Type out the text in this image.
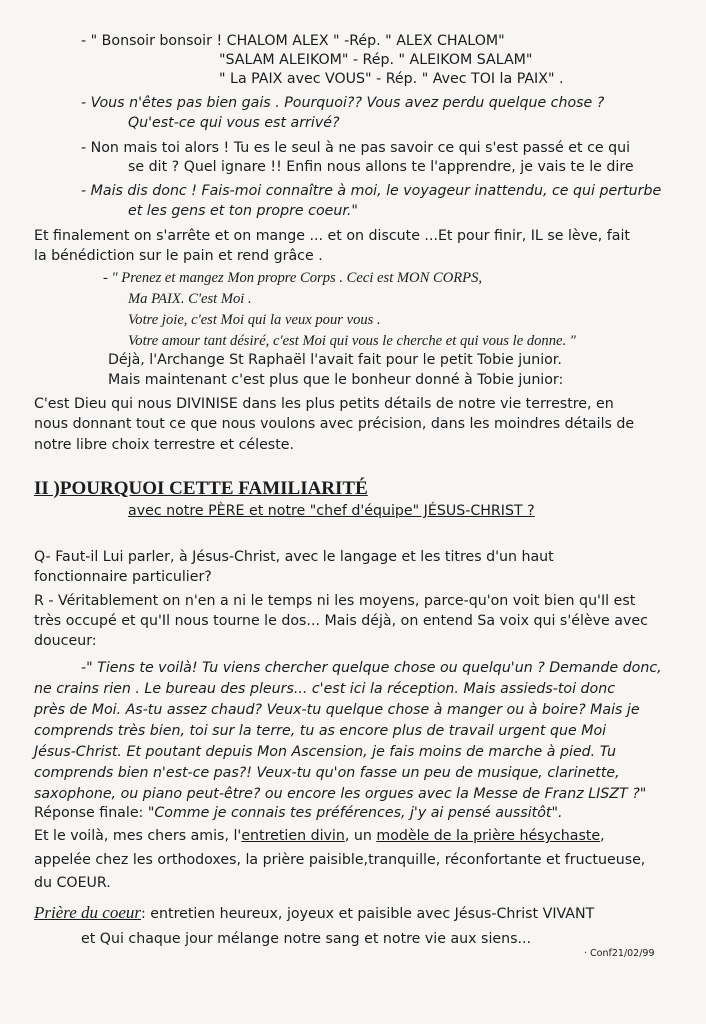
- " Bonsoir bonsoir ! CHALOM ALEX " -Rép. " ALEX CHALOM"
"SALAM ALEIKOM" - Rép. " ALEIKOM SALAM"
" La PAIX avec VOUS" - Rép. " Avec TOI la PAIX" .
- Vous n'êtes pas bien gais . Pourquoi?? Vous avez perdu quelque chose ?
Qu'est-ce qui vous est arrivé?
- Non mais toi alors ! Tu es le seul à ne pas savoir ce qui s'est passé et ce qui
se dit ? Quel ignare !! Enfin nous allons te l'apprendre, je vais te le dire
- Mais dis donc ! Fais-moi connaître à moi, le voyageur inattendu, ce qui perturbe
et les gens et ton propre coeur."
Et finalement on s'arrête et on mange ... et on discute ...Et pour finir, IL se lève, fait
la bénédiction sur le pain et rend grâce .
- " Prenez et mangez Mon propre Corps . Ceci est MON CORPS,
Ma PAIX. C'est Moi .
Votre joie, c'est Moi qui la veux pour vous .
Votre amour tant désiré, c'est Moi qui vous le cherche et qui vous le donne. "
Déjà, l'Archange St Raphaël l'avait fait pour le petit Tobie junior.
Mais maintenant c'est plus que le bonheur donné à Tobie junior:
C'est Dieu qui nous DIVINISE dans les plus petits détails de notre vie terrestre, en
nous donnant tout ce que nous voulons avec précision, dans les moindres détails de
notre libre choix terrestre et céleste.
II )POURQUOI CETTE FAMILIARITÉ
avec notre PÈRE et notre "chef d'équipe" JÉSUS-CHRIST ?
Q- Faut-il Lui parler, à Jésus-Christ, avec le langage et les titres d'un haut
fonctionnaire particulier?
R - Véritablement on n'en a ni le temps ni les moyens, parce-qu'on voit bien qu'Il est
très occupé et qu'Il nous tourne le dos... Mais déjà, on entend Sa voix qui s'élève avec
douceur:
-" Tiens te voilà! Tu viens chercher quelque chose ou quelqu'un ? Demande donc,
ne crains rien . Le bureau des pleurs... c'est ici la réception. Mais assieds-toi donc
près de Moi. As-tu assez chaud? Veux-tu quelque chose à manger ou à boire? Mais je
comprends très bien, toi sur la terre, tu as encore plus de travail urgent que Moi
Jésus-Christ. Et poutant depuis Mon Ascension, je fais moins de marche à pied. Tu
comprends bien n'est-ce pas?! Veux-tu qu'on fasse un peu de musique, clarinette,
saxophone, ou piano peut-être? ou encore les orgues avec la Messe de Franz LISZT ?"
Réponse finale: "Comme je connais tes préférences, j'y ai pensé aussitôt".
Et le voilà, mes chers amis, l'entretien divin, un modèle de la prière hésychaste,
appelée chez les orthodoxes, la prière paisible,tranquille, réconfortante et fructueuse,
du COEUR.
Prière du coeur: entretien heureux, joyeux et paisible avec Jésus-Christ VIVANT
et Qui chaque jour mélange notre sang et notre vie aux siens...
· Conf21/02/99
